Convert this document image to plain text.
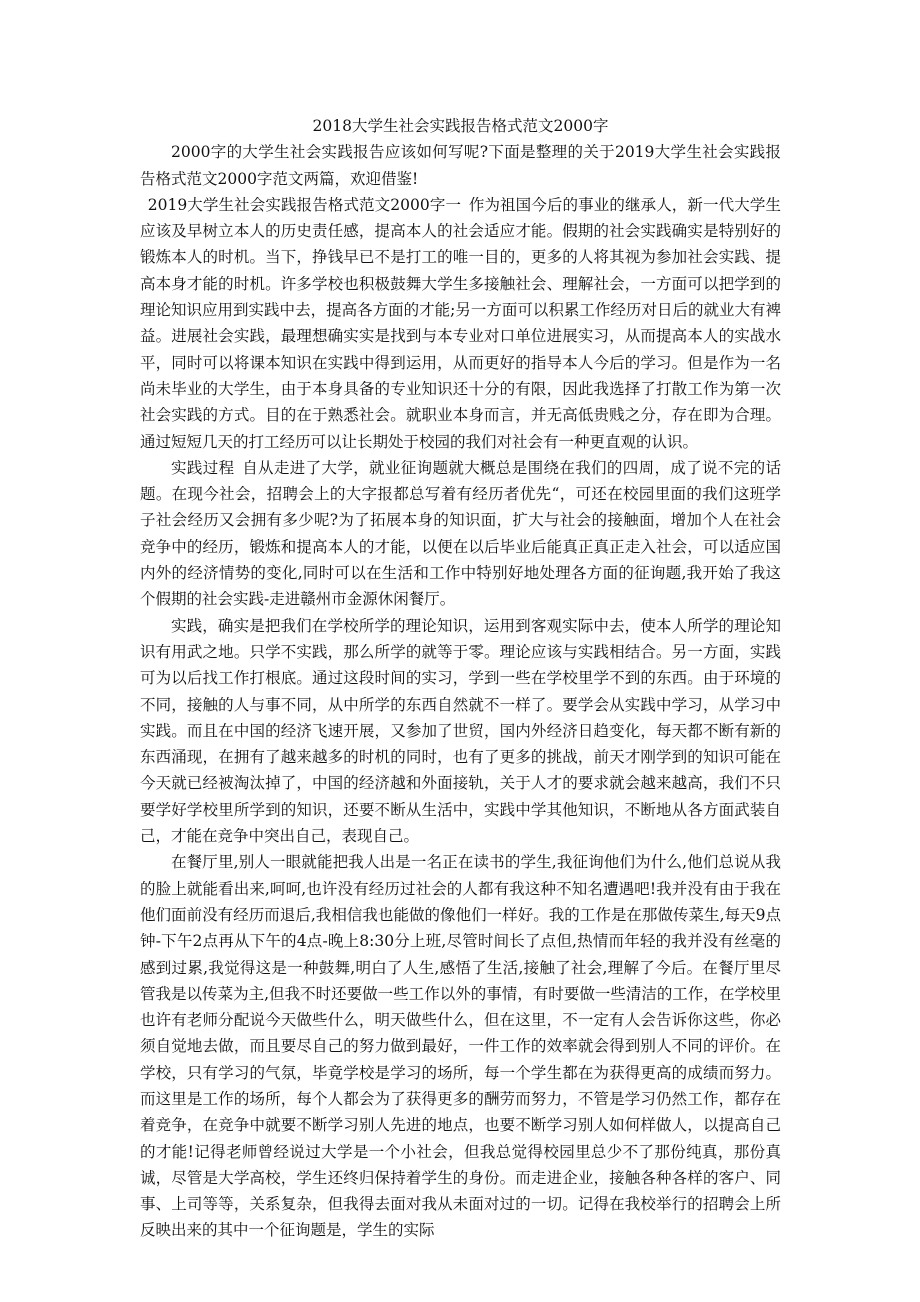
2018大学生社会实践报告格式范文2000字

2000字的大学生社会实践报告应该如何写呢?下面是整理的关于2019大学生社会实践报告格式范文2000字范文两篇，欢迎借鉴!

2019大学生社会实践报告格式范文2000字一 作为祖国今后的事业的继承人，新一代大学生应该及早树立本人的历史责任感，提高本人的社会适应才能。假期的社会实践确实是特别好的锻炼本人的时机。当下，挣钱早已不是打工的唯一目的，更多的人将其视为参加社会实践、提高本身才能的时机。许多学校也积极鼓舞大学生多接触社会、理解社会，一方面可以把学到的理论知识应用到实践中去，提高各方面的才能;另一方面可以积累工作经历对日后的就业大有裨益。进展社会实践，最理想确实实是找到与本专业对口单位进展实习，从而提高本人的实战水平，同时可以将课本知识在实践中得到运用，从而更好的指导本人今后的学习。但是作为一名尚未毕业的大学生，由于本身具备的专业知识还十分的有限，因此我选择了打散工作为第一次社会实践的方式。目的在于熟悉社会。就职业本身而言，并无高低贵贱之分，存在即为合理。通过短短几天的打工经历可以让长期处于校园的我们对社会有一种更直观的认识。

实践过程 自从走进了大学，就业征询题就大概总是围绕在我们的四周，成了说不完的话题。在现今社会，招聘会上的大字报都总写着有经历者优先“，可还在校园里面的我们这班学子社会经历又会拥有多少呢?为了拓展本身的知识面，扩大与社会的接触面，增加个人在社会竞争中的经历，锻炼和提高本人的才能，以便在以后毕业后能真正真正走入社会，可以适应国内外的经济情势的变化,同时可以在生活和工作中特别好地处理各方面的征询题,我开始了我这个假期的社会实践-走进赣州市金源休闲餐厅。

实践，确实是把我们在学校所学的理论知识，运用到客观实际中去，使本人所学的理论知识有用武之地。只学不实践，那么所学的就等于零。理论应该与实践相结合。另一方面，实践可为以后找工作打根底。通过这段时间的实习，学到一些在学校里学不到的东西。由于环境的不同，接触的人与事不同，从中所学的东西自然就不一样了。要学会从实践中学习，从学习中实践。而且在中国的经济飞速开展，又参加了世贸，国内外经济日趋变化，每天都不断有新的东西涌现，在拥有了越来越多的时机的同时，也有了更多的挑战，前天才刚学到的知识可能在今天就已经被淘汰掉了，中国的经济越和外面接轨，关于人才的要求就会越来越高，我们不只要学好学校里所学到的知识，还要不断从生活中，实践中学其他知识，不断地从各方面武装自己，才能在竞争中突出自己，表现自己。

在餐厅里,别人一眼就能把我人出是一名正在读书的学生,我征询他们为什么,他们总说从我的脸上就能看出来,呵呵,也许没有经历过社会的人都有我这种不知名遭遇吧!我并没有由于我在他们面前没有经历而退后,我相信我也能做的像他们一样好。我的工作是在那做传菜生,每天9点钟-下午2点再从下午的4点-晚上8:30分上班,尽管时间长了点但,热情而年轻的我并没有丝毫的感到过累,我觉得这是一种鼓舞,明白了人生,感悟了生活,接触了社会,理解了今后。在餐厅里尽管我是以传菜为主,但我不时还要做一些工作以外的事情，有时要做一些清洁的工作，在学校里也许有老师分配说今天做些什么，明天做些什么，但在这里，不一定有人会告诉你这些，你必须自觉地去做，而且要尽自己的努力做到最好，一件工作的效率就会得到别人不同的评价。在学校，只有学习的气氛，毕竟学校是学习的场所，每一个学生都在为获得更高的成绩而努力。而这里是工作的场所，每个人都会为了获得更多的酬劳而努力，不管是学习仍然工作，都存在着竞争，在竞争中就要不断学习别人先进的地点，也要不断学习别人如何样做人，以提高自己的才能!记得老师曾经说过大学是一个小社会，但我总觉得校园里总少不了那份纯真，那份真诚，尽管是大学高校，学生还终归保持着学生的身份。而走进企业，接触各种各样的客户、同事、上司等等，关系复杂，但我得去面对我从未面对过的一切。记得在我校举行的招聘会上所反映出来的其中一个征询题是，学生的实际
